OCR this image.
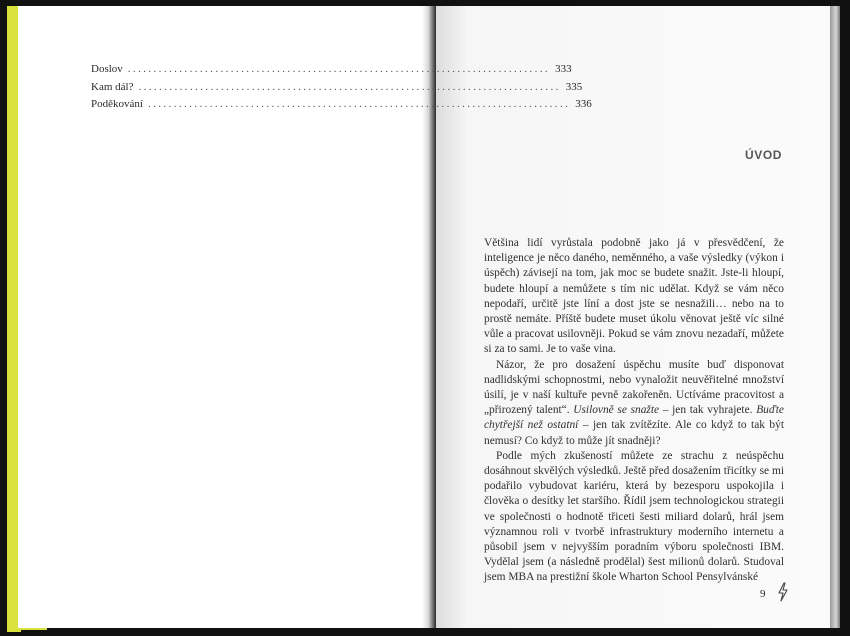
Doslov .................................................................................. 333
Kam dál? .................................................................................. 335
Poděkování .................................................................................. 336
ÚVOD

Většina lidí vyrůstala podobně jako já v přesvědčení, že inteligence je něco daného, neměnného, a vaše výsledky (výkon i úspěch) závisejí na tom, jak moc se budete snažit. Jste-li hloupí, budete hloupí a nemůžete s tím nic udělat. Když se vám něco nepodaří, určitě jste líní a dost jste se nesnažili… nebo na to prostě nemáte. Příště budete muset úkolu věnovat ještě víc silné vůle a pracovat usilovněji. Pokud se vám znovu nezadaří, můžete si za to sami. Je to vaše vina.

Názor, že pro dosažení úspěchu musíte buď disponovat nadlidskými schopnostmi, nebo vynaložit neuvěřitelné množství úsilí, je v naší kultuře pevně zakořeněn. Uctíváme pracovitost a „přirozený talent“. Usilovně se snažte – jen tak vyhrajete. Buďte chytřejší než ostatní – jen tak zvítězíte. Ale co když to tak být nemusí? Co když to může jít snadněji?

Podle mých zkušeností můžete ze strachu z neúspěchu dosáhnout skvělých výsledků. Ještě před dosažením třicítky se mi podařilo vybudovat kariéru, která by bezesporu uspokojila i člověka o desítky let staršího. Řídil jsem technologickou strategii ve společnosti o hodnotě třiceti šesti miliard dolarů, hrál jsem významnou roli v tvorbě infrastruktury moderního internetu a působil jsem v nejvyšším poradním výboru společnosti IBM. Vydělal jsem (a následně prodělal) šest milionů dolarů. Studoval jsem MBA na prestižní škole Wharton School Pensylvánské

9
